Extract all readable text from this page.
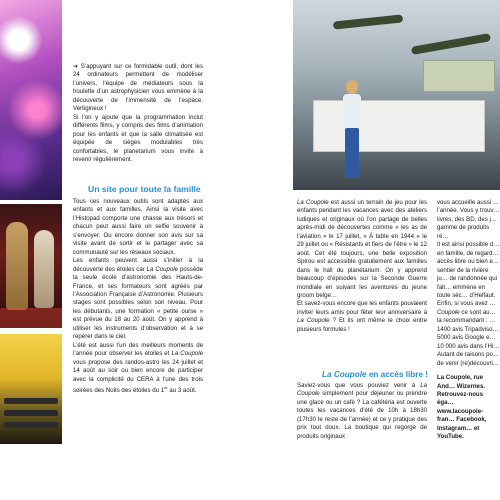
➜ S’appuyant sur ce formidable outil, dont les 24 ordinateurs permettent de modéliser l’univers, l’équipe de médiateurs sous la houlette d’un astrophysicien vous emmène à la découverte de l’immensité de l’espace. Vertigineux !

Si l’on y ajoute que la programmation inclut différents films, y compris des films d’animation pour les enfants et que la salle climatisée est équipée de sièges modulables très confortables, le planetarium vous invite à revenir régulièrement.

Un site pour toute la famille

Tous ces nouveaux outils sont adaptés aux enfants et aux familles. Ainsi la visite avec l’Histopad comporte une chasse aux trésors et chacun peut aussi faire un selfie souvenir à s’envoyer. Ou encore donner son avis sur sa visite avant de sortir et le partager avec sa communauté sur les réseaux sociaux.

Les enfants peuvent aussi s’initier à la découverte des étoiles car La Coupole possède la seule école d’astronomie des Hauts-de-France, et ses formateurs sont agréés par l’Association Française d’Astronomie. Plusieurs stages sont possibles selon son niveau. Pour les débutants, une formation « petite ourse » est prévue du 18 au 20 août. On y apprend à utiliser les instruments d’observation et à se repérer dans le ciel.

L’été est aussi l’un des meilleurs moments de l’année pour observer les étoiles et La Coupole vous propose des randos-astro les 24 juillet et 14 août au soir ou bien encore de participer avec la complicité du CERA à l’une des trois soirées des Nuits des étoiles du 1er au 3 août.

La Coupole est aussi un terrain de jeu pour les enfants pendant les vacances avec des ateliers ludiques et originaux où l’on partage de belles après-midi de découvertes comme « les as de l’aviation » le 17 juillet, « À table en 1944 » le 29 juillet ou « Résistants et fiers de l’être » le 12 août. Cet été toujours, une belle exposition Spirou est accessible gratuitement aux familles dans le hall du planétarium. On y apprend beaucoup d’épisodes sur la Seconde Guerre mondiale en suivant les aventures du jeune groom belge…

Et savez-vous encore que les enfants pouvaient inviter leurs amis pour fêter leur anniversaire à La Coupole ? Et ils ont même le choix entre plusieurs formules !

La Coupole en accès libre !

Saviez-vous que vous pouviez venir à La Coupole simplement pour déjeuner ou prendre une glace ou un café ? La cafétéria est ouverte toutes les vacances d’été de 10h à 18h30 (17h30 le reste de l’année) et ce y pratique des prix tout doux. La boutique qui regorge de produits originaux

vous accueille aussi … l’année. Vous y trouv… livres, des BD, des j… gamme de produits ré…

Il est ainsi possible d… en famille, de regard… accès libre ou bien e… sentier de la rivière ju… de randonnée qui fait… emmène en toute séc… d’Helfaut.

Enfin, si vous avez … Coupole ce sont au… la recommandant : … 1400 avis Tripadviso… 5000 avis Google e… 10 000 avis dans l’Hi… Autant de raisons po… de venir (re)découvri…

La Coupole, rue And… Wizernes.

Retrouvez-nous éga… www.lacoupole-fran… Facebook, Instagram… et YouTube.
